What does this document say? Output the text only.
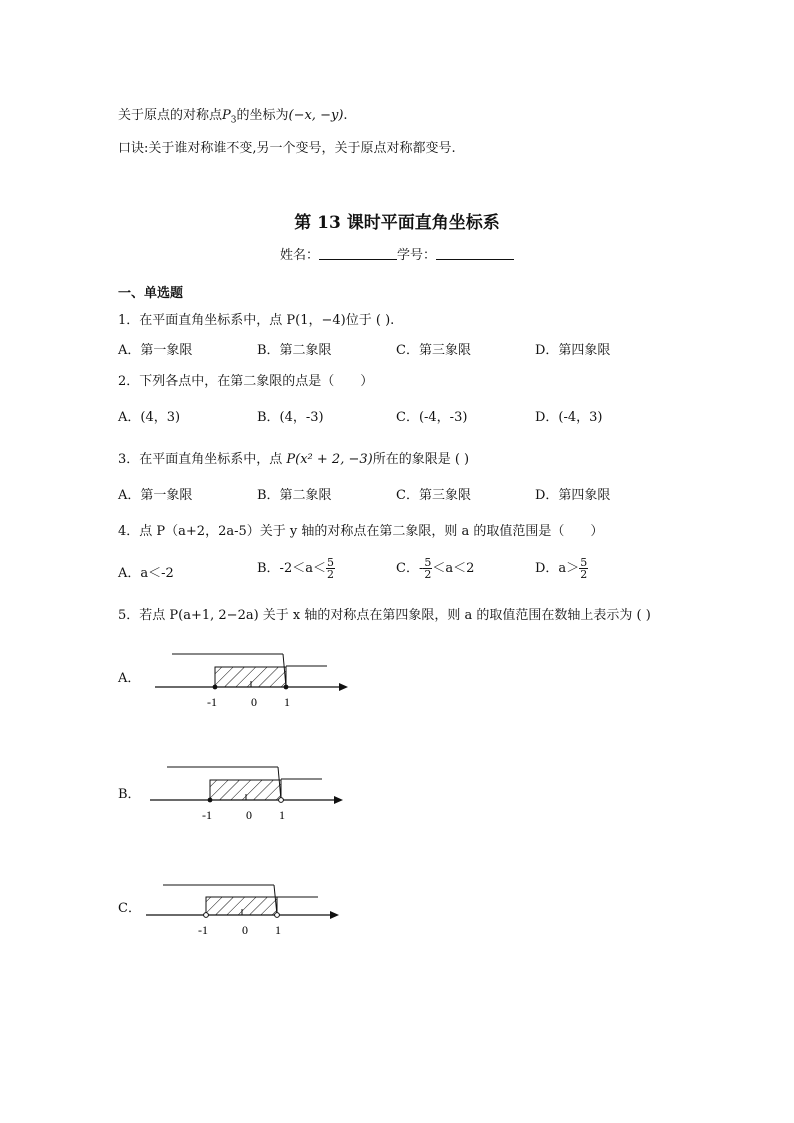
关于原点的对称点$P_3$的坐标为(−x, −y).
口诀:关于谁对称谁不变,另一个变号，关于原点对称都变号.
第 13 课时平面直角坐标系
姓名：	学号：
一、单选题
1．在平面直角坐标系中，点 P(1，−4)位于 ( ).
A．第一象限	B．第二象限	C．第三象限	D．第四象限
2．下列各点中，在第二象限的点是（　　）
A．(4，3)	B．(4，-3)	C．(-4，-3)	D．(-4，3)
3．在平面直角坐标系中，点 P(x² + 2, −3)所在的象限是 ( )
A．第一象限	B．第二象限	C．第三象限	D．第四象限
4．点 P（a+2，2a-5）关于 y 轴的对称点在第二象限，则 a 的取值范围是（　　）
A．a＜-2	B．$-2<a< \frac{5}{2}$	C．- $\frac{5}{2} <a<2$	D．$a> \frac{5}{2}$
5．若点 P(a+1, 2−2a) 关于 x 轴的对称点在第四象限，则 a 的取值范围在数轴上表示为 ( )
A．
-1	0 1
B．
-1	0 1
C．
-1	0 1
